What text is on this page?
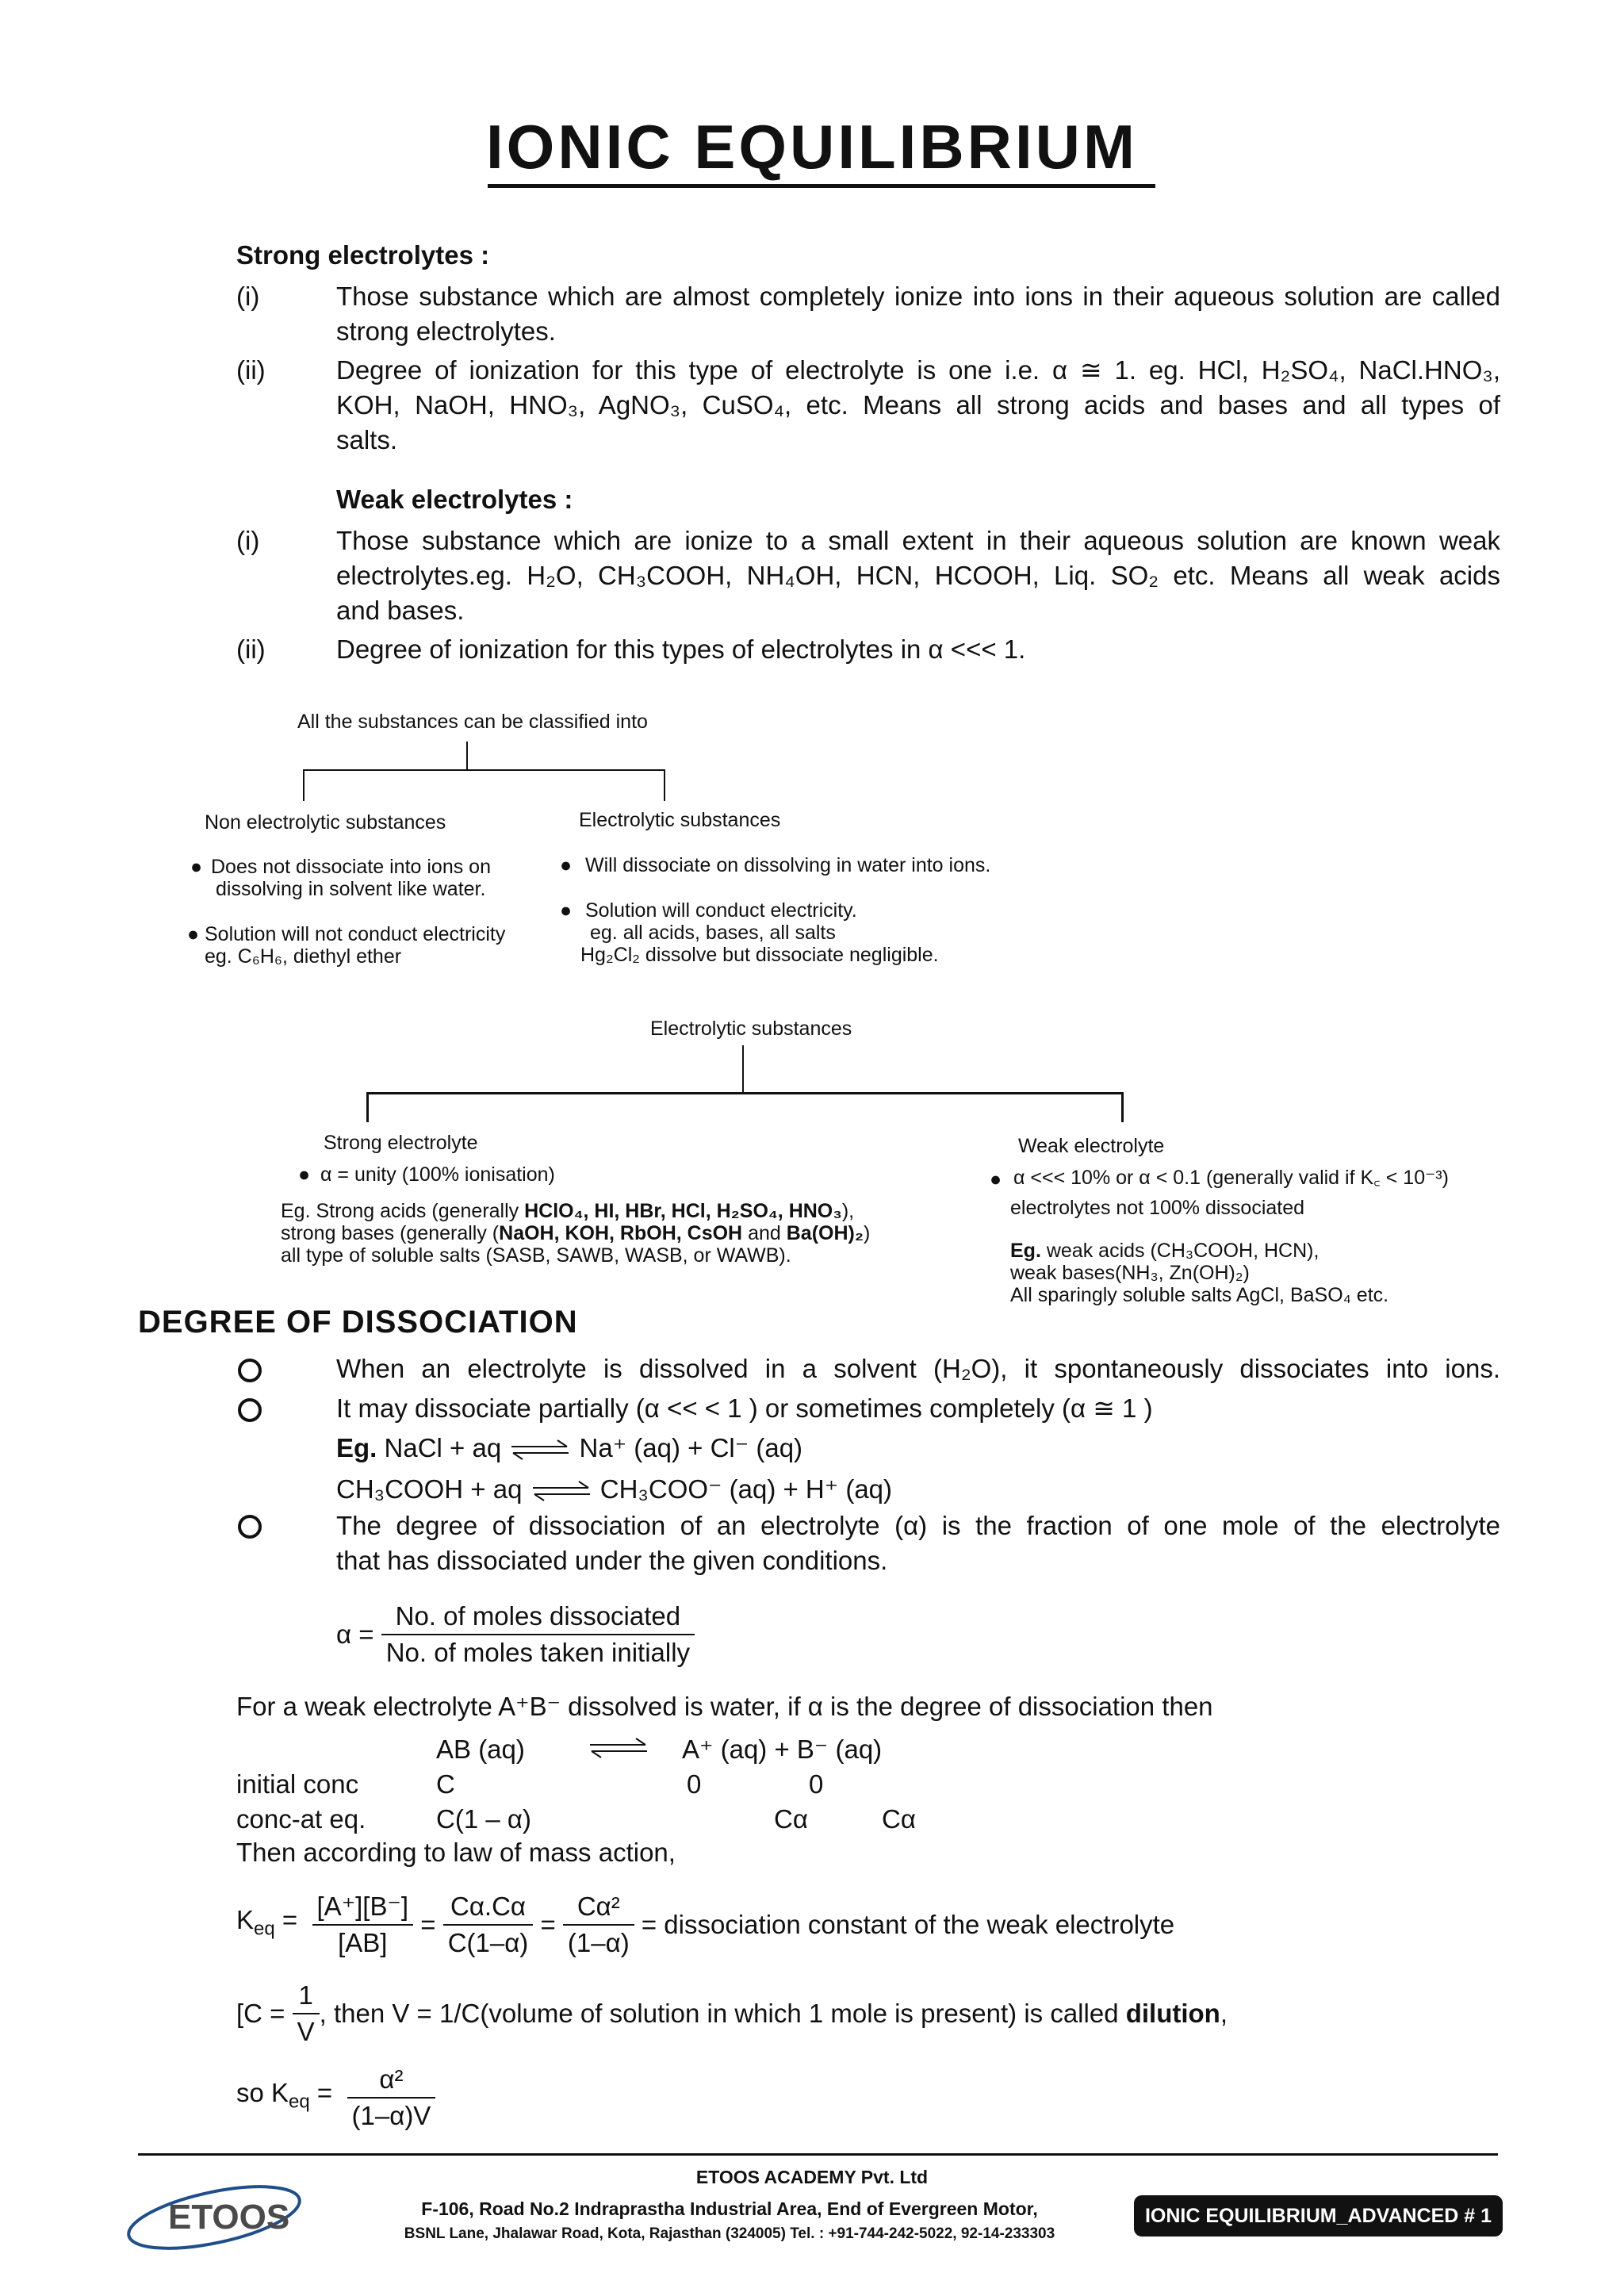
IONIC EQUILIBRIUM
Strong electrolytes :
(i)	Those substance which are almost completely ionize into ions in their aqueous solution are called strong electrolytes.
(ii)	Degree of ionization for this type of electrolyte is one i.e. α ≅ 1. eg. HCl, H₂SO₄, NaCl.HNO₃,
KOH, NaOH, HNO₃, AgNO₃, CuSO₄, etc. Means all strong acids and bases and all types of
salts.
Weak electrolytes :
(i)	Those substance which are ionize to a small extent in their aqueous solution are known weak
electrolytes.eg. H₂O, CH₃COOH, NH₄OH, HCN, HCOOH, Liq. SO₂ etc. Means all weak acids
and bases.
(ii)	Degree of ionization for this types of electrolytes in α <<< 1.
All the substances can be classified into
Non electrolytic substances
● Does not dissociate into ions on
dissolving in solvent like water.
● Solution will not conduct electricity
eg. C₆H₆, diethyl ether
Electrolytic substances
● Will dissociate on dissolving in water into ions.
● Solution will conduct electricity.
eg. all acids, bases, all salts
Hg₂Cl₂ dissolve but dissociate negligible.
Electrolytic substances
Strong electrolyte
● α = unity (100% ionisation)
Eg. Strong acids (generally HClO₄, HI, HBr, HCl, H₂SO₄, HNO₃),
strong bases (generally (NaOH, KOH, RbOH, CsOH and Ba(OH)₂)
all type of soluble salts (SASB, SAWB, WASB, or WAWB).
Weak electrolyte
● α <<< 10% or α < 0.1 (generally valid if K꜀ < 10⁻³)
electrolytes not 100% dissociated
Eg. weak acids (CH₃COOH, HCN),
weak bases(NH₃, Zn(OH)₂)
All sparingly soluble salts AgCl, BaSO₄ etc.
DEGREE OF DISSOCIATION
When an electrolyte is dissolved in a solvent (H₂O), it spontaneously dissociates into ions.
It may dissociate partially (α << < 1 ) or sometimes completely (α ≅ 1 )
Eg. NaCl + aq ⇌ Na⁺ (aq) + Cl⁻ (aq)
CH₃COOH + aq ⇌ CH₃COO⁻ (aq) + H⁺ (aq)
The degree of dissociation of an electrolyte (α) is the fraction of one mole of the electrolyte
that has dissociated under the given conditions.
$\alpha = \frac{\text{No. of moles dissociated}}{\text{No. of moles taken initially}}$
For a weak electrolyte A⁺B⁻ dissolved is water, if α is the degree of dissociation then
AB (aq)	A⁺ (aq) + B⁻ (aq)
initial conc	C	0	0
conc-at eq.	C(1 – α)	Cα	Cα
Then according to law of mass action,
$K_{eq} = \frac{[A^+][B^-]}{[AB]} = \frac{C\alpha.C\alpha}{C(1-\alpha)} = \frac{\text{Cα²}}{(1-\alpha)}$ = dissociation constant of the weak electrolyte
[$C = \frac{1}{V}$ , then V = 1/C(volume of solution in which 1 mole is present) is called dilution,
so $K_{eq} = \frac{\text{α²}}{(1-\alpha)V}$
ETOOS
ETOOS ACADEMY Pvt. Ltd
F-106, Road No.2 Indraprastha Industrial Area, End of Evergreen Motor,
BSNL Lane, Jhalawar Road, Kota, Rajasthan (324005) Tel. : +91-744-242-5022, 92-14-233303
IONIC EQUILIBRIUM_ADVANCED # 1
